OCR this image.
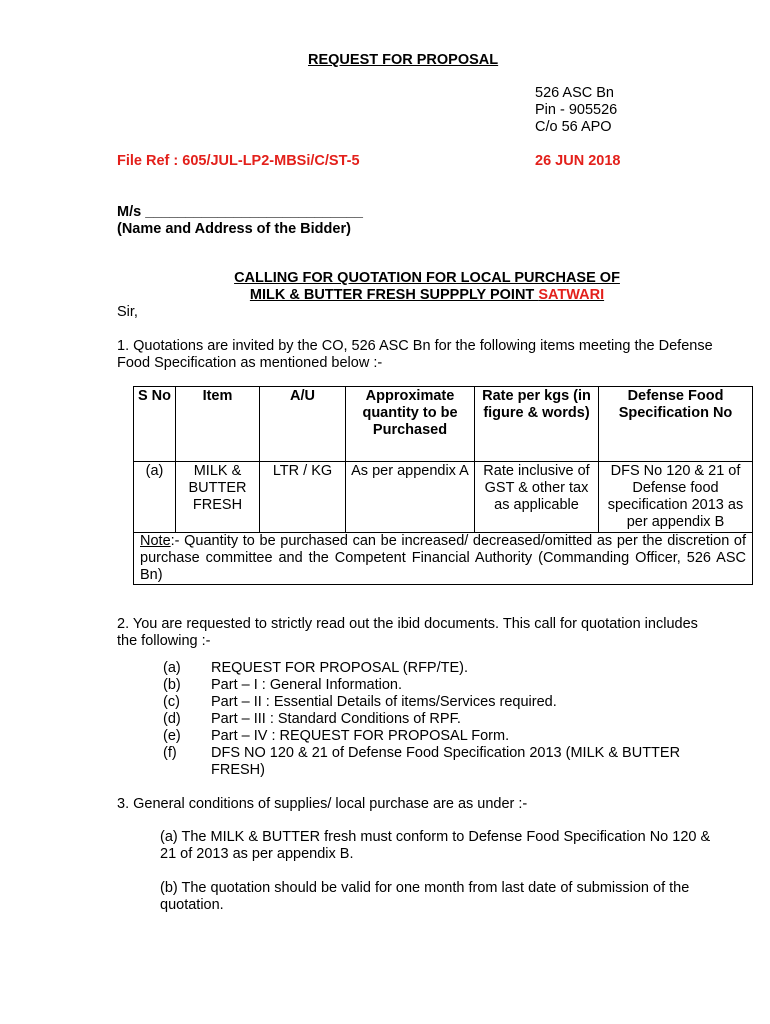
REQUEST FOR PROPOSAL
526 ASC Bn
Pin - 905526
C/o 56 APO
File Ref : 605/JUL-LP2-MBSi/C/ST-5	26 JUN 2018
M/s ___________________________
(Name and Address of the Bidder)
CALLING FOR QUOTATION FOR LOCAL PURCHASE OF
MILK & BUTTER FRESH SUPPPLY POINT SATWARI
Sir,
1. Quotations are invited by the CO, 526 ASC Bn for the following items meeting the Defense Food Specification as mentioned below :-
S No	Item	A/U	Approximate quantity to be Purchased	Rate per kgs (in figure & words)	Defense Food Specification No
(a)	MILK & BUTTER FRESH	LTR / KG	As per appendix A	Rate inclusive of GST & other tax as applicable	DFS No 120 & 21 of Defense food specification 2013 as per appendix B
Note:- Quantity to be purchased can be increased/ decreased/omitted as per the discretion of purchase committee and the Competent Financial Authority (Commanding Officer, 526 ASC Bn)					
2. You are requested to strictly read out the ibid documents. This call for quotation includes the following :-
(a) REQUEST FOR PROPOSAL (RFP/TE).
(b) Part – I : General Information.
(c) Part – II : Essential Details of items/Services required.
(d) Part – III : Standard Conditions of RPF.
(e) Part – IV : REQUEST FOR PROPOSAL Form.
(f) DFS NO 120 & 21 of Defense Food Specification 2013 (MILK & BUTTER FRESH)
3. General conditions of supplies/ local purchase are as under :-
(a) The MILK & BUTTER fresh must conform to Defense Food Specification No 120 & 21 of 2013 as per appendix B.
(b) The quotation should be valid for one month from last date of submission of the quotation.
